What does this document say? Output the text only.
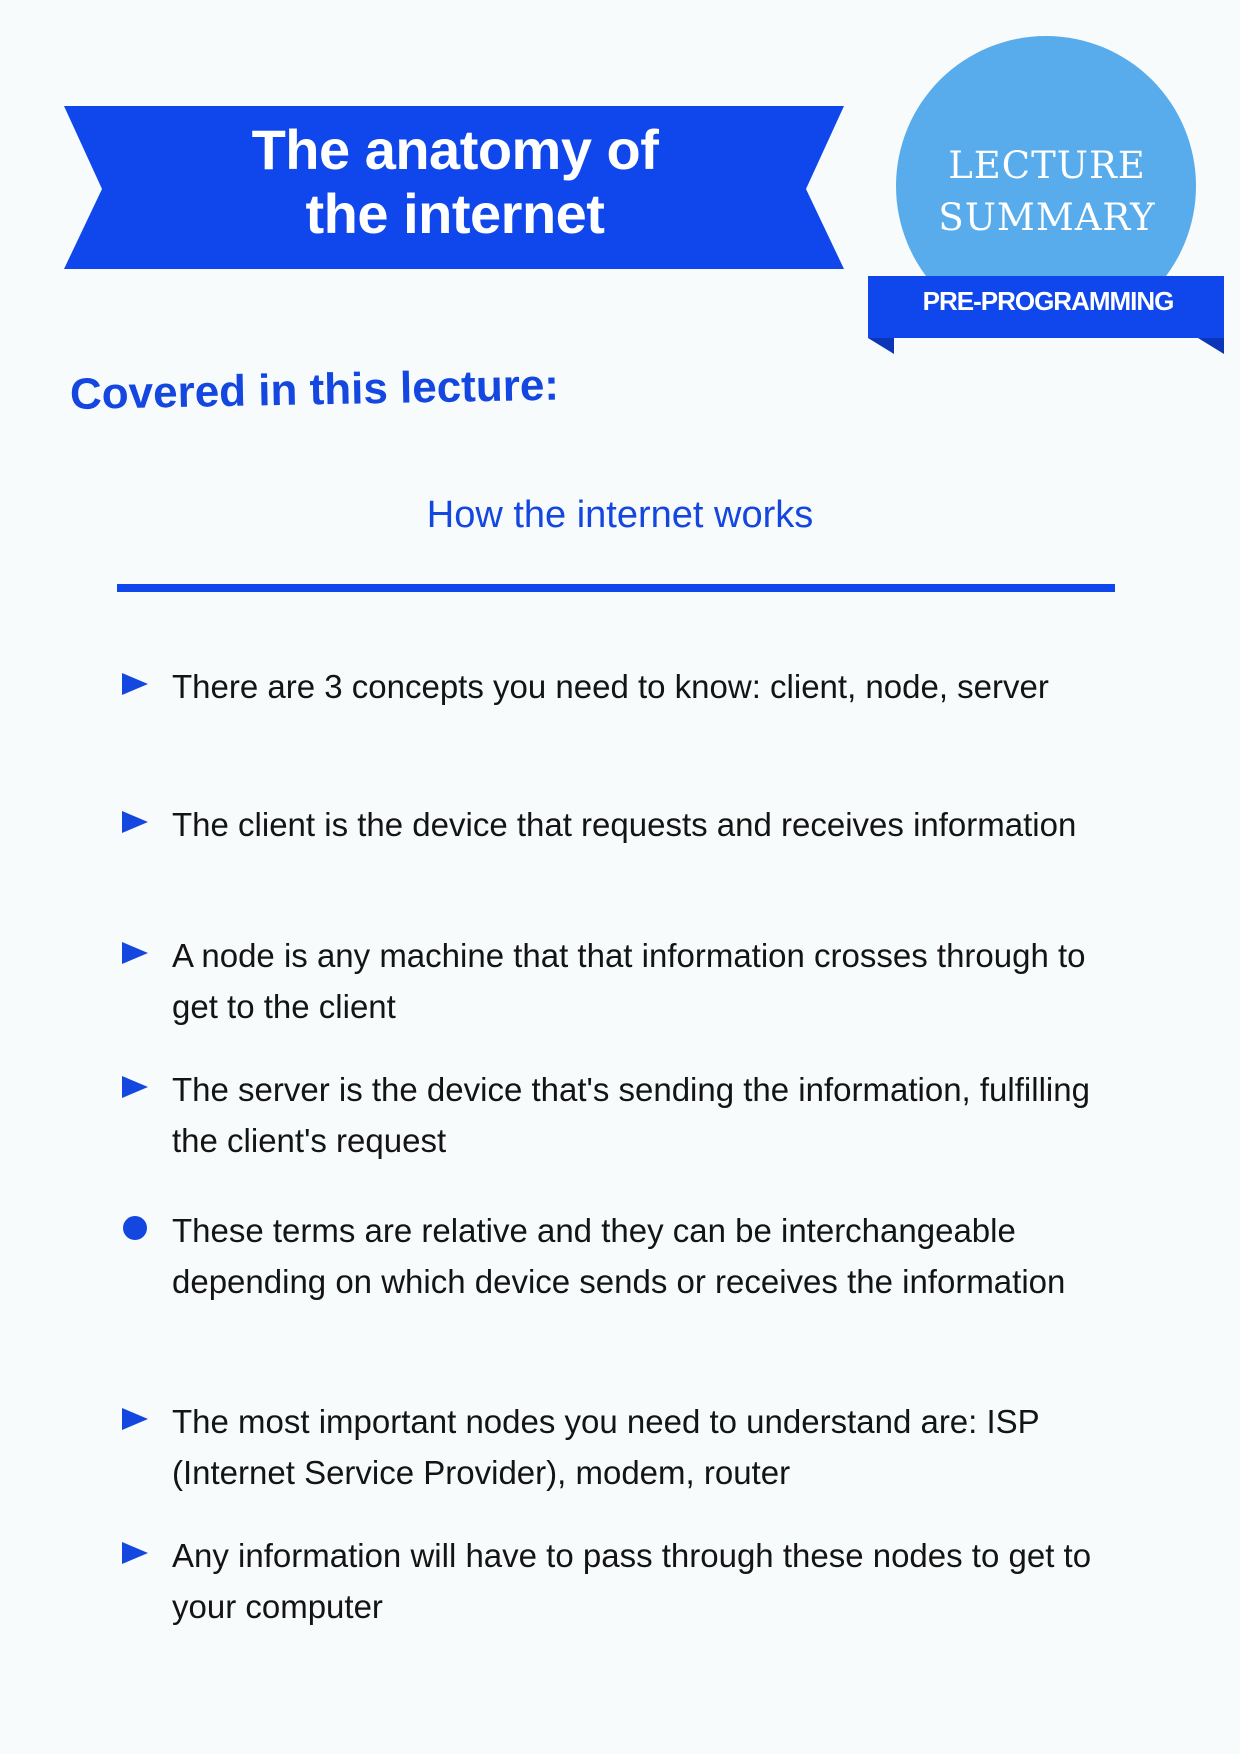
The anatomy of
the internet
LECTURE
SUMMARY
PRE-PROGRAMMING
Covered in this lecture:
How the internet works
There are 3 concepts you need to know: client, node, server
The client is the device that requests and receives information
A node is any machine that that information crosses through to get to the client
The server is the device that's sending the information, fulfilling the client's request
These terms are relative and they can be interchangeable depending on which device sends or receives the information
The most important nodes you need to understand are: ISP (Internet Service Provider), modem, router
Any information will have to pass through these nodes to get to your computer
